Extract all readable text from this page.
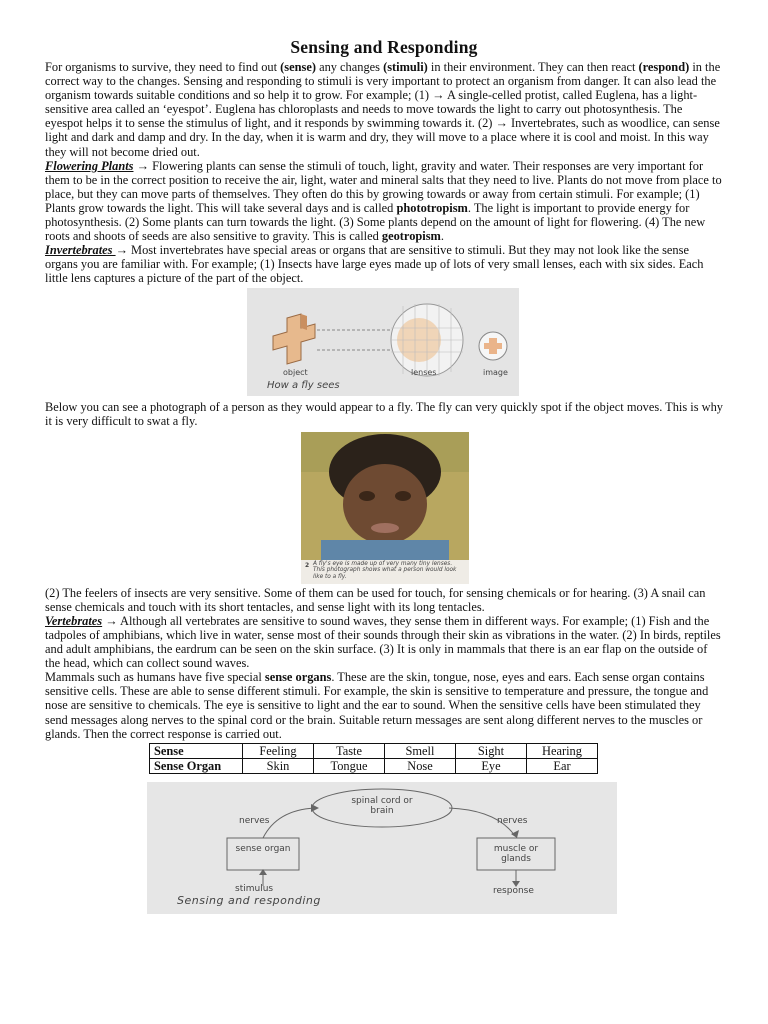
Sensing and Responding

For organisms to survive, they need to find out (sense) any changes (stimuli) in their environment. They can then react (respond) in the correct way to the changes. Sensing and responding to stimuli is very important to protect an organism from danger. It can also lead the organism towards suitable conditions and so help it to grow. For example; (1) → A single-celled protist, called Euglena, has a light-sensitive area called an ‘eyespot’. Euglena has chloroplasts and needs to move towards the light to carry out photosynthesis. The eyespot helps it to sense the stimulus of light, and it responds by swimming towards it. (2) → Invertebrates, such as woodlice, can sense light and dark and damp and dry. In the day, when it is warm and dry, they will move to a place where it is cool and moist. In this way they will not become dried out.

Flowering Plants → Flowering plants can sense the stimuli of touch, light, gravity and water. Their responses are very important for them to be in the correct position to receive the air, light, water and mineral salts that they need to live. Plants do not move from place to place, but they can move parts of themselves. They often do this by growing towards or away from certain stimuli. For example; (1) Plants grow towards the light. This will take several days and is called phototropism. The light is important to provide energy for photosynthesis. (2) Some plants can turn towards the light. (3) Some plants depend on the amount of light for flowering. (4) The new roots and shoots of seeds are also sensitive to gravity. This is called geotropism.

Invertebrates → Most invertebrates have special areas or organs that are sensitive to stimuli. But they may not look like the sense organs you are familiar with. For example; (1) Insects have large eyes made up of lots of very small lenses, each with six sides. Each little lens captures a picture of the part of the object.

object	lenses	image
How a fly sees

Below you can see a photograph of a person as they would appear to a fly. The fly can very quickly spot if the object moves. This is why it is very difficult to swat a fly.

2 A fly's eye is made up of very many tiny lenses. This photograph shows what a person would look like to a fly.

(2) The feelers of insects are very sensitive. Some of them can be used for touch, for sensing chemicals or for hearing. (3) A snail can sense chemicals and touch with its short tentacles, and sense light with its long tentacles.

Vertebrates → Although all vertebrates are sensitive to sound waves, they sense them in different ways. For example; (1) Fish and the tadpoles of amphibians, which live in water, sense most of their sounds through their skin as vibrations in the water. (2) In birds, reptiles and adult amphibians, the eardrum can be seen on the skin surface. (3) It is only in mammals that there is an ear flap on the outside of the head, which can collect sound waves.

Mammals such as humans have five special sense organs. These are the skin, tongue, nose, eyes and ears. Each sense organ contains sensitive cells. These are able to sense different stimuli. For example, the skin is sensitive to temperature and pressure, the tongue and nose are sensitive to chemicals. The eye is sensitive to light and the ear to sound. When the sensitive cells have been stimulated they send messages along nerves to the spinal cord or the brain. Suitable return messages are sent along different nerves to the muscles or glands. Then the correct response is carried out.

Sense	Feeling	Taste	Smell	Sight	Hearing
Sense Organ	Skin	Tongue	Nose	Eye	Ear
spinal cord or brain
nerves	nerves
sense organ	muscle or glands
stimulus	response
Sensing and responding
